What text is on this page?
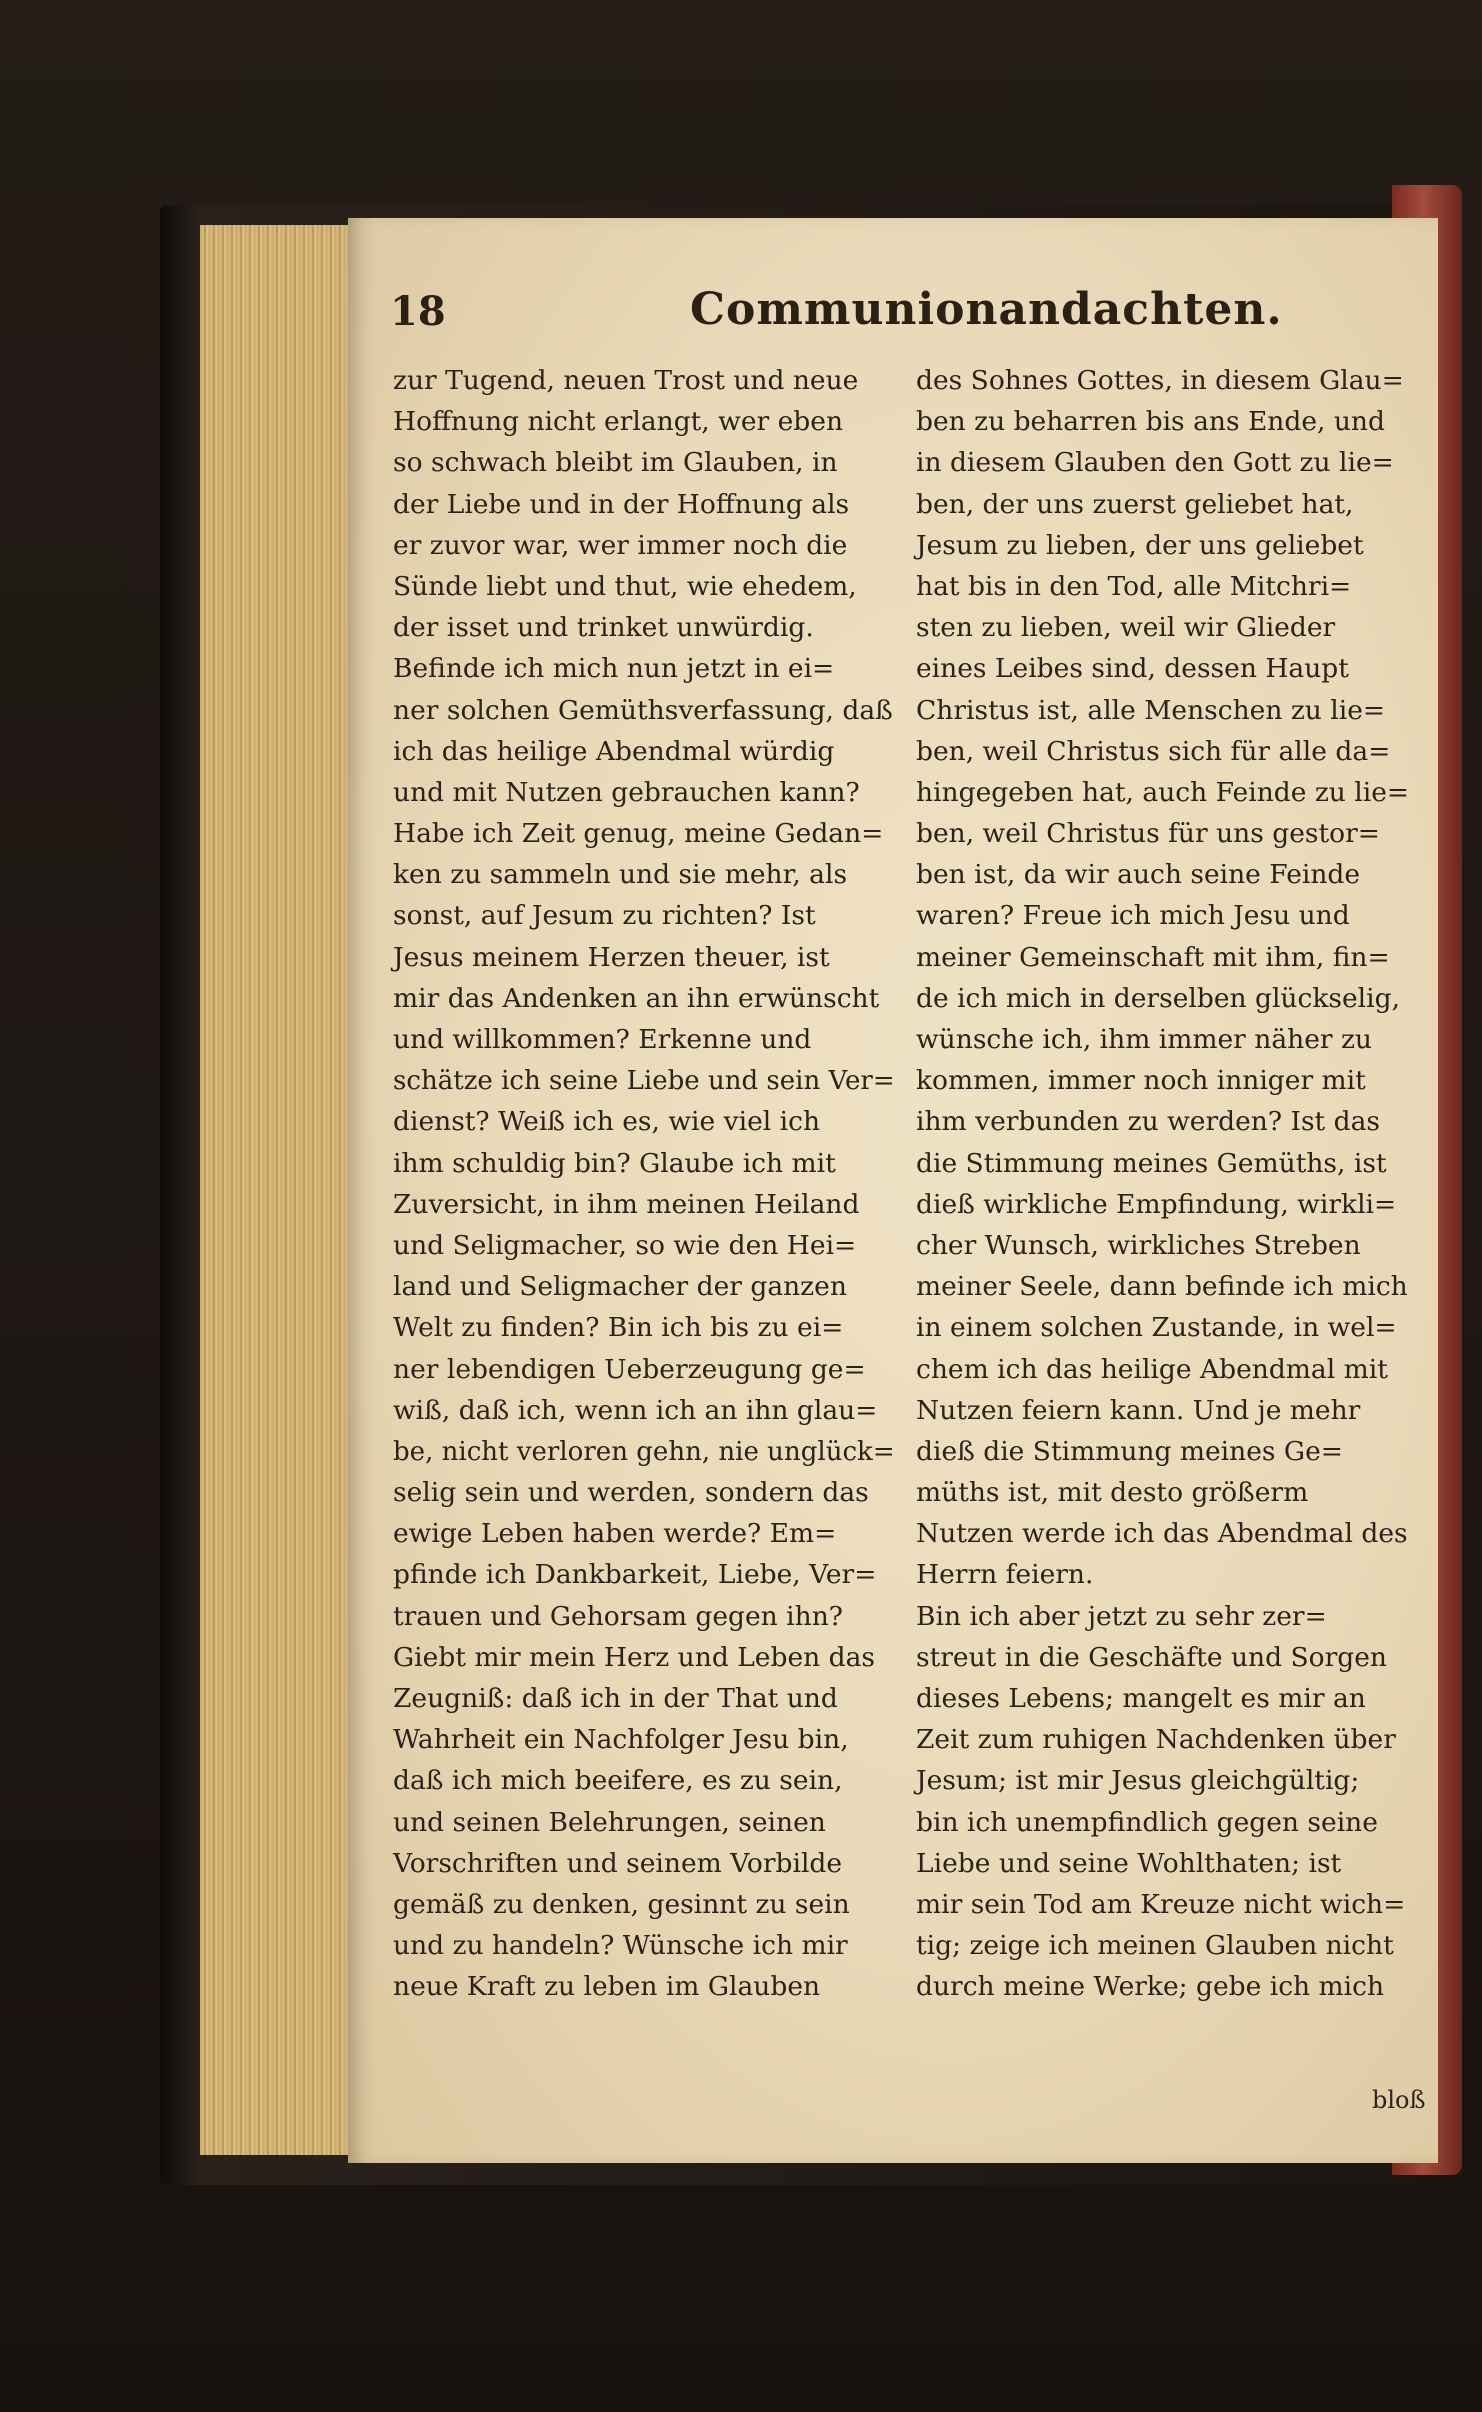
18	Communionandachten.
zur Tugend, neuen Trost und neue
Hoffnung nicht erlangt, wer eben
so schwach bleibt im Glauben, in
der Liebe und in der Hoffnung als
er zuvor war, wer immer noch die
Sünde liebt und thut, wie ehedem,
der isset und trinket unwürdig.
Befinde ich mich nun jetzt in ei=
ner solchen Gemüthsverfassung, daß
ich das heilige Abendmal würdig
und mit Nutzen gebrauchen kann?
Habe ich Zeit genug, meine Gedan=
ken zu sammeln und sie mehr, als
sonst, auf Jesum zu richten? Ist
Jesus meinem Herzen theuer, ist
mir das Andenken an ihn erwünscht
und willkommen? Erkenne und
schätze ich seine Liebe und sein Ver=
dienst? Weiß ich es, wie viel ich
ihm schuldig bin? Glaube ich mit
Zuversicht, in ihm meinen Heiland
und Seligmacher, so wie den Hei=
land und Seligmacher der ganzen
Welt zu finden? Bin ich bis zu ei=
ner lebendigen Ueberzeugung ge=
wiß, daß ich, wenn ich an ihn glau=
be, nicht verloren gehn, nie unglück=
selig sein und werden, sondern das
ewige Leben haben werde? Em=
pfinde ich Dankbarkeit, Liebe, Ver=
trauen und Gehorsam gegen ihn?
Giebt mir mein Herz und Leben das
Zeugniß: daß ich in der That und
Wahrheit ein Nachfolger Jesu bin,
daß ich mich beeifere, es zu sein,
und seinen Belehrungen, seinen
Vorschriften und seinem Vorbilde
gemäß zu denken, gesinnt zu sein
und zu handeln? Wünsche ich mir
neue Kraft zu leben im Glauben
des Sohnes Gottes, in diesem Glau=
ben zu beharren bis ans Ende, und
in diesem Glauben den Gott zu lie=
ben, der uns zuerst geliebet hat,
Jesum zu lieben, der uns geliebet
hat bis in den Tod, alle Mitchri=
sten zu lieben, weil wir Glieder
eines Leibes sind, dessen Haupt
Christus ist, alle Menschen zu lie=
ben, weil Christus sich für alle da=
hingegeben hat, auch Feinde zu lie=
ben, weil Christus für uns gestor=
ben ist, da wir auch seine Feinde
waren? Freue ich mich Jesu und
meiner Gemeinschaft mit ihm, fin=
de ich mich in derselben glückselig,
wünsche ich, ihm immer näher zu
kommen, immer noch inniger mit
ihm verbunden zu werden? Ist das
die Stimmung meines Gemüths, ist
dieß wirkliche Empfindung, wirkli=
cher Wunsch, wirkliches Streben
meiner Seele, dann befinde ich mich
in einem solchen Zustande, in wel=
chem ich das heilige Abendmal mit
Nutzen feiern kann. Und je mehr
dieß die Stimmung meines Ge=
müths ist, mit desto größerm
Nutzen werde ich das Abendmal des
Herrn feiern.
Bin ich aber jetzt zu sehr zer=
streut in die Geschäfte und Sorgen
dieses Lebens; mangelt es mir an
Zeit zum ruhigen Nachdenken über
Jesum; ist mir Jesus gleichgültig;
bin ich unempfindlich gegen seine
Liebe und seine Wohlthaten; ist
mir sein Tod am Kreuze nicht wich=
tig; zeige ich meinen Glauben nicht
durch meine Werke; gebe ich mich
bloß
